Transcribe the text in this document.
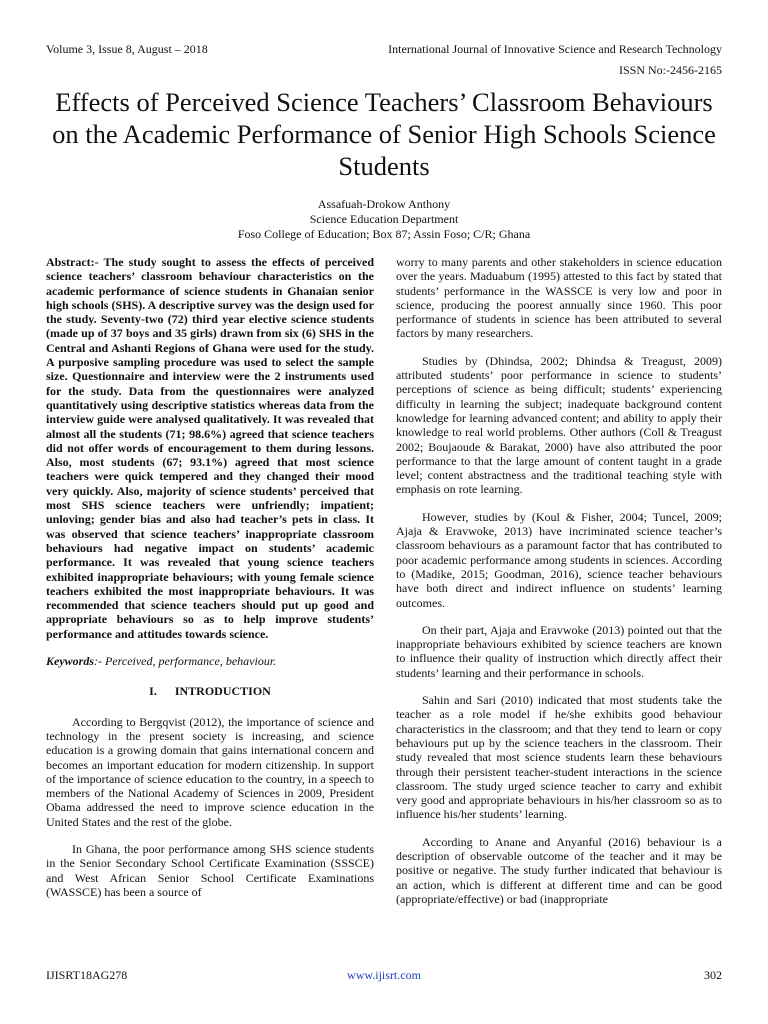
Volume 3, Issue 8, August – 2018	International Journal of Innovative Science and Research Technology
ISSN No:-2456-2165
Effects of Perceived Science Teachers’ Classroom Behaviours on the Academic Performance of Senior High Schools Science Students
Assafuah-Drokow Anthony
Science Education Department
Foso College of Education; Box 87; Assin Foso; C/R; Ghana

Abstract:- The study sought to assess the effects of perceived science teachers’ classroom behaviour characteristics on the academic performance of science students in Ghanaian senior high schools (SHS). A descriptive survey was the design used for the study. Seventy-two (72) third year elective science students (made up of 37 boys and 35 girls) drawn from six (6) SHS in the Central and Ashanti Regions of Ghana were used for the study. A purposive sampling procedure was used to select the sample size. Questionnaire and interview were the 2 instruments used for the study. Data from the questionnaires were analyzed quantitatively using descriptive statistics whereas data from the interview guide were analysed qualitatively. It was revealed that almost all the students (71; 98.6%) agreed that science teachers did not offer words of encouragement to them during lessons. Also, most students (67; 93.1%) agreed that most science teachers were quick tempered and they changed their mood very quickly. Also, majority of science students’ perceived that most SHS science teachers were unfriendly; impatient; unloving; gender bias and also had teacher’s pets in class. It was observed that science teachers’ inappropriate classroom behaviours had negative impact on students’ academic performance. It was revealed that young science teachers exhibited inappropriate behaviours; with young female science teachers exhibited the most inappropriate behaviours. It was recommended that science teachers should put up good and appropriate behaviours so as to help improve students’ performance and attitudes towards science.

Keywords:- Perceived, performance, behaviour.

I. INTRODUCTION

According to Bergqvist (2012), the importance of science and technology in the present society is increasing, and science education is a growing domain that gains international concern and becomes an important education for modern citizenship. In support of the importance of science education to the country, in a speech to members of the National Academy of Sciences in 2009, President Obama addressed the need to improve science education in the United States and the rest of the globe.

In Ghana, the poor performance among SHS science students in the Senior Secondary School Certificate Examination (SSSCE) and West African Senior School Certificate Examinations (WASSCE) has been a source of

worry to many parents and other stakeholders in science education over the years. Maduabum (1995) attested to this fact by stated that students’ performance in the WASSCE is very low and poor in science, producing the poorest annually since 1960. This poor performance of students in science has been attributed to several factors by many researchers.

Studies by (Dhindsa, 2002; Dhindsa & Treagust, 2009) attributed students’ poor performance in science to students’ perceptions of science as being difficult; students’ experiencing difficulty in learning the subject; inadequate background content knowledge for learning advanced content; and ability to apply their knowledge to real world problems. Other authors (Coll & Treagust 2002; Boujaoude & Barakat, 2000) have also attributed the poor performance to that the large amount of content taught in a grade level; content abstractness and the traditional teaching style with emphasis on rote learning.

However, studies by (Koul & Fisher, 2004; Tuncel, 2009; Ajaja & Eravwoke, 2013) have incriminated science teacher’s classroom behaviours as a paramount factor that has contributed to poor academic performance among students in sciences. According to (Madike, 2015; Goodman, 2016), science teacher behaviours have both direct and indirect influence on students’ learning outcomes.

On their part, Ajaja and Eravwoke (2013) pointed out that the inappropriate behaviours exhibited by science teachers are known to influence their quality of instruction which directly affect their students’ learning and their performance in schools.

Sahin and Sari (2010) indicated that most students take the teacher as a role model if he/she exhibits good behaviour characteristics in the classroom; and that they tend to learn or copy behaviours put up by the science teachers in the classroom. Their study revealed that most science students learn these behaviours through their persistent teacher-student interactions in the science classroom. The study urged science teacher to carry and exhibit very good and appropriate behaviours in his/her classroom so as to influence his/her students’ learning.

According to Anane and Anyanful (2016) behaviour is a description of observable outcome of the teacher and it may be positive or negative. The study further indicated that behaviour is an action, which is different at different time and can be good (appropriate/effective) or bad (inappropriate

IJISRT18AG278	www.ijisrt.com	302
